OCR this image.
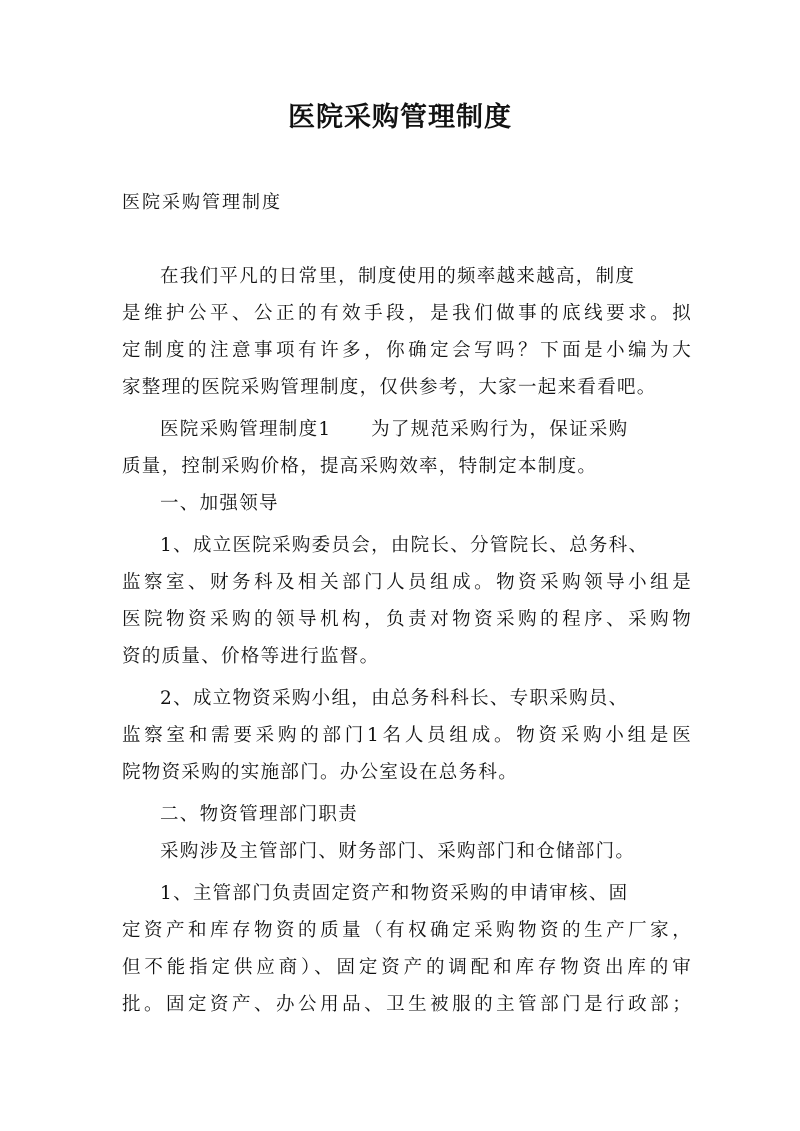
医院采购管理制度

医院采购管理制度

在我们平凡的日常里，制度使用的频率越来越高，制度
是维护公平、公正的有效手段，是我们做事的底线要求。拟
定制度的注意事项有许多，你确定会写吗？下面是小编为大
家整理的医院采购管理制度，仅供参考，大家一起来看看吧。
医院采购管理制度1　　为了规范采购行为，保证采购
质量，控制采购价格，提高采购效率，特制定本制度。
一、加强领导
1、成立医院采购委员会，由院长、分管院长、总务科、
监察室、财务科及相关部门人员组成。物资采购领导小组是
医院物资采购的领导机构，负责对物资采购的程序、采购物
资的质量、价格等进行监督。
2、成立物资采购小组，由总务科科长、专职采购员、
监察室和需要采购的部门1名人员组成。物资采购小组是医
院物资采购的实施部门。办公室设在总务科。
二、物资管理部门职责
采购涉及主管部门、财务部门、采购部门和仓储部门。
1、主管部门负责固定资产和物资采购的申请审核、固
定资产和库存物资的质量（有权确定采购物资的生产厂家，
但不能指定供应商）、固定资产的调配和库存物资出库的审
批。固定资产、办公用品、卫生被服的主管部门是行政部；
